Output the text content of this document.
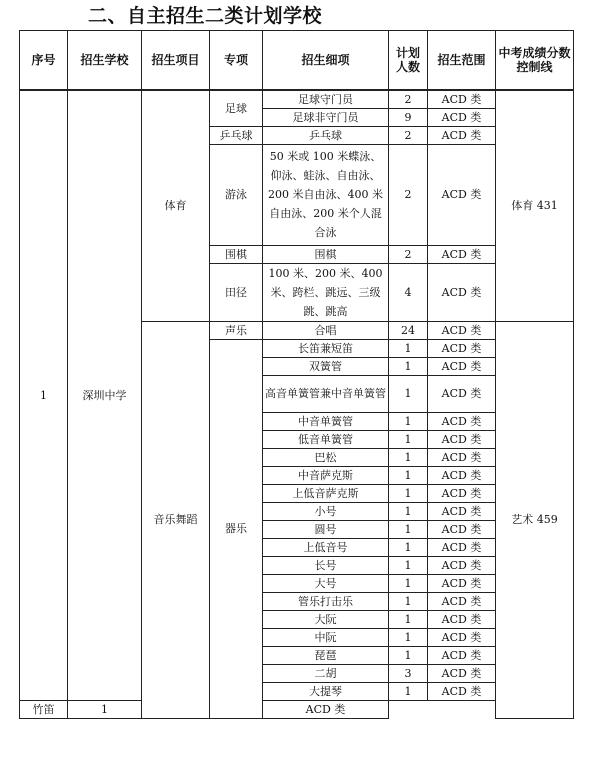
二、自主招生二类计划学校
序号	招生学校	招生项目	专项	招生细项	计划人数	招生范围	中考成绩分数控制线
1	深圳中学	体育	足球	足球守门员	2	ACD 类	体育 431
				足球非守门员	9	ACD 类	
			乒乓球	乒乓球	2	ACD 类	
			游泳	50 米或 100 米蝶泳、仰泳、蛙泳、自由泳、200 米自由泳、400 米自由泳、200 米个人混合泳	2	ACD 类	
			围棋	围棋	2	ACD 类	
			田径	100 米、200 米、400 米、跨栏、跳远、三级跳、跳高	4	ACD 类	

		音乐舞蹈	声乐	合唱	24	ACD 类	艺术 459
			器乐	长笛兼短笛	1	ACD 类	
				双簧管	1	ACD 类	
				高音单簧管兼中音单簧管	1	ACD 类	
				中音单簧管	1	ACD 类	
				低音单簧管	1	ACD 类	
				巴松	1	ACD 类	
				中音萨克斯	1	ACD 类	
				上低音萨克斯	1	ACD 类	
				小号	1	ACD 类	
				圆号	1	ACD 类	
				上低音号	1	ACD 类	
				长号	1	ACD 类	
				大号	1	ACD 类	
				管乐打击乐	1	ACD 类	
				大阮	1	ACD 类	
				中阮	1	ACD 类	
				琵琶	1	ACD 类	
				二胡	3	ACD 类	
				大提琴	1	ACD 类	
竹笛	1			ACD 类			
